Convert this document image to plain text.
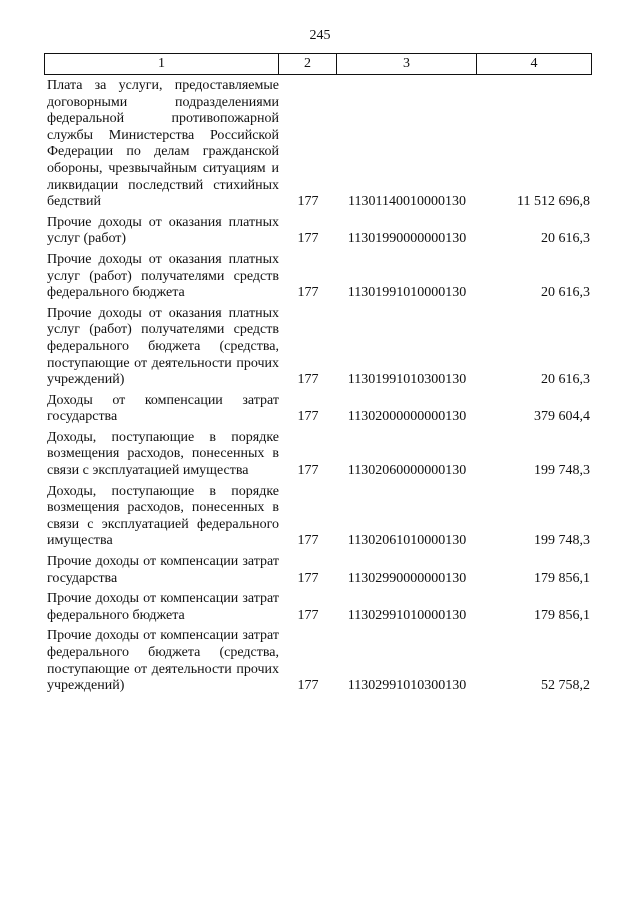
245
1	2	3	4
Плата за услуги, предоставляемые договорными подразделениями федеральной противопожарной службы Министерства Российской Федерации по делам гражданской обороны, чрезвычайным ситуациям и ликвидации последствий стихийных бедствий	177	11301140010000130	11 512 696,8
Прочие доходы от оказания платных услуг (работ)	177	11301990000000130	20 616,3
Прочие доходы от оказания платных услуг (работ) получателями средств федерального бюджета	177	11301991010000130	20 616,3
Прочие доходы от оказания платных услуг (работ) получателями средств федерального бюджета (средства, поступающие от деятельности прочих учреждений)	177	11301991010300130	20 616,3
Доходы от компенсации затрат государства	177	11302000000000130	379 604,4
Доходы, поступающие в порядке возмещения расходов, понесенных в связи с эксплуатацией имущества	177	11302060000000130	199 748,3
Доходы, поступающие в порядке возмещения расходов, понесенных в связи с эксплуатацией федерального имущества	177	11302061010000130	199 748,3
Прочие доходы от компенсации затрат государства	177	11302990000000130	179 856,1
Прочие доходы от компенсации затрат федерального бюджета	177	11302991010000130	179 856,1
Прочие доходы от компенсации затрат федерального бюджета (средства, поступающие от деятельности прочих учреждений)	177	11302991010300130	52 758,2
